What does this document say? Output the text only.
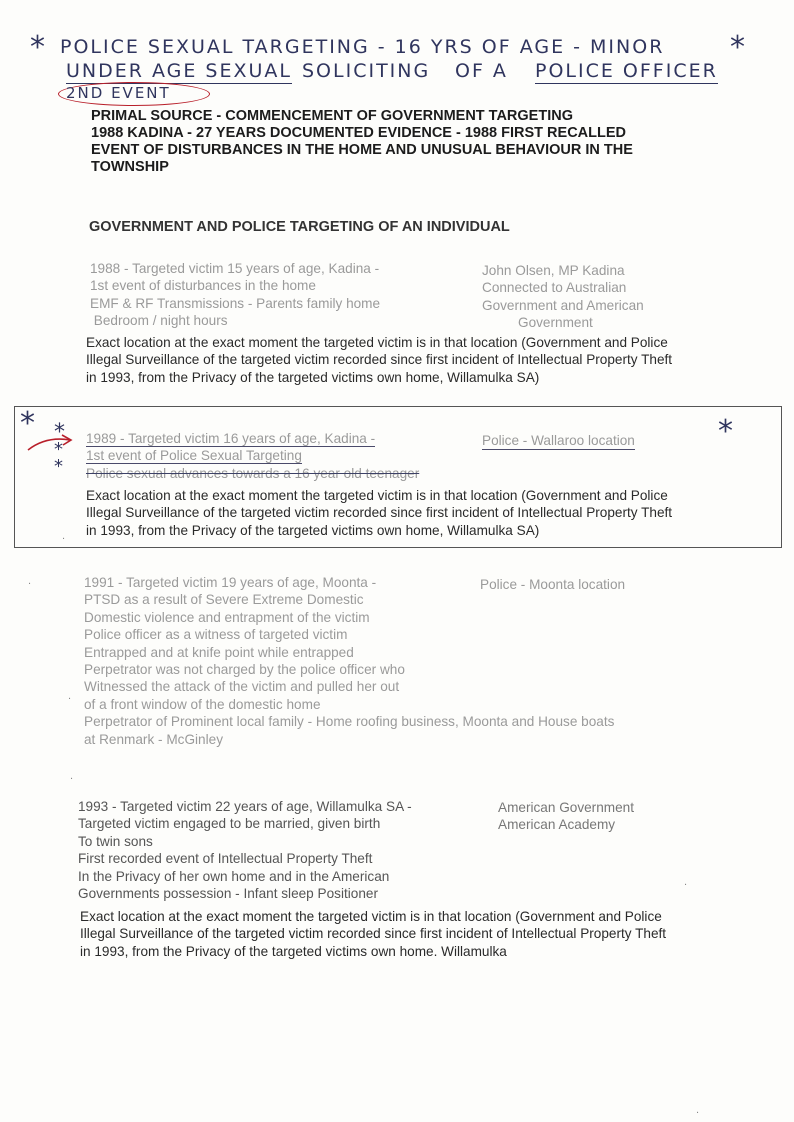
* POLICE SEXUAL TARGETING - 16 YRS OF AGE - MINOR *
UNDER AGE SEXUAL SOLICITING OF A POLICE OFFICER
2ND EVENT
PRIMAL SOURCE - COMMENCEMENT OF GOVERNMENT TARGETING
1988 KADINA - 27 YEARS DOCUMENTED EVIDENCE - 1988 FIRST RECALLED
EVENT OF DISTURBANCES IN THE HOME AND UNUSUAL BEHAVIOUR IN THE
TOWNSHIP
GOVERNMENT AND POLICE TARGETING OF AN INDIVIDUAL
1988 - Targeted victim 15 years of age, Kadina -
1st event of disturbances in the home
EMF & RF Transmissions - Parents family home
Bedroom / night hours
John Olsen, MP Kadina
Connected to Australian
Government and American
Government
Exact location at the exact moment the targeted victim is in that location (Government and Police
Illegal Surveillance of the targeted victim recorded since first incident of Intellectual Property Theft
in 1993, from the Privacy of the targeted victims own home, Willamulka SA)
* *
*
*
*
1989 - Targeted victim 16 years of age, Kadina -
1st event of Police Sexual Targeting
Police sexual advances towards a 16 year old teenager
Police - Wallaroo location
Exact location at the exact moment the targeted victim is in that location (Government and Police
Illegal Surveillance of the targeted victim recorded since first incident of Intellectual Property Theft
in 1993, from the Privacy of the targeted victims own home, Willamulka SA)
1991 - Targeted victim 19 years of age, Moonta -
PTSD as a result of Severe Extreme Domestic
Domestic violence and entrapment of the victim
Police officer as a witness of targeted victim
Entrapped and at knife point while entrapped
Perpetrator was not charged by the police officer who
Witnessed the attack of the victim and pulled her out
of a front window of the domestic home
Perpetrator of Prominent local family - Home roofing business, Moonta and House boats
at Renmark - McGinley
Police - Moonta location
1993 - Targeted victim 22 years of age, Willamulka SA -
Targeted victim engaged to be married, given birth
To twin sons
First recorded event of Intellectual Property Theft
In the Privacy of her own home and in the American
Governments possession - Infant sleep Positioner
American Government
American Academy
Exact location at the exact moment the targeted victim is in that location (Government and Police
Illegal Surveillance of the targeted victim recorded since first incident of Intellectual Property Theft
in 1993, from the Privacy of the targeted victims own home. Willamulka
.
.
.
.
.
.
